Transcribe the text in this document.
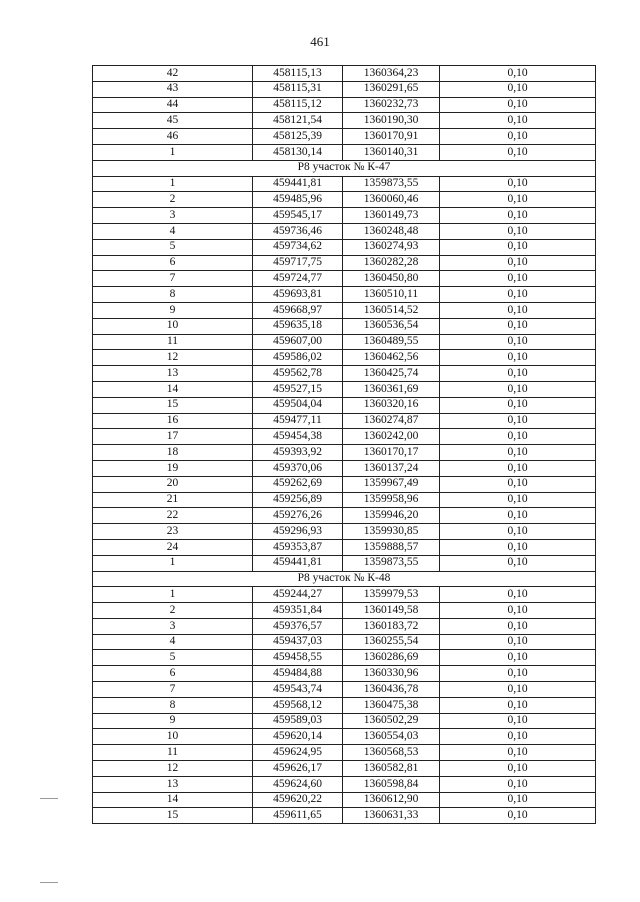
461
42	458115,13	1360364,23	0,10
43	458115,31	1360291,65	0,10
44	458115,12	1360232,73	0,10
45	458121,54	1360190,30	0,10
46	458125,39	1360170,91	0,10
1	458130,14	1360140,31	0,10
Р8 участок № К-47			
1	459441,81	1359873,55	0,10
2	459485,96	1360060,46	0,10
3	459545,17	1360149,73	0,10
4	459736,46	1360248,48	0,10
5	459734,62	1360274,93	0,10
6	459717,75	1360282,28	0,10
7	459724,77	1360450,80	0,10
8	459693,81	1360510,11	0,10
9	459668,97	1360514,52	0,10
10	459635,18	1360536,54	0,10
11	459607,00	1360489,55	0,10
12	459586,02	1360462,56	0,10
13	459562,78	1360425,74	0,10
14	459527,15	1360361,69	0,10
15	459504,04	1360320,16	0,10
16	459477,11	1360274,87	0,10
17	459454,38	1360242,00	0,10
18	459393,92	1360170,17	0,10
19	459370,06	1360137,24	0,10
20	459262,69	1359967,49	0,10
21	459256,89	1359958,96	0,10
22	459276,26	1359946,20	0,10
23	459296,93	1359930,85	0,10
24	459353,87	1359888,57	0,10
1	459441,81	1359873,55	0,10
Р8 участок № К-48			
1	459244,27	1359979,53	0,10
2	459351,84	1360149,58	0,10
3	459376,57	1360183,72	0,10
4	459437,03	1360255,54	0,10
5	459458,55	1360286,69	0,10
6	459484,88	1360330,96	0,10
7	459543,74	1360436,78	0,10
8	459568,12	1360475,38	0,10
9	459589,03	1360502,29	0,10
10	459620,14	1360554,03	0,10
11	459624,95	1360568,53	0,10
12	459626,17	1360582,81	0,10
13	459624,60	1360598,84	0,10
14	459620,22	1360612,90	0,10
15	459611,65	1360631,33	0,10
